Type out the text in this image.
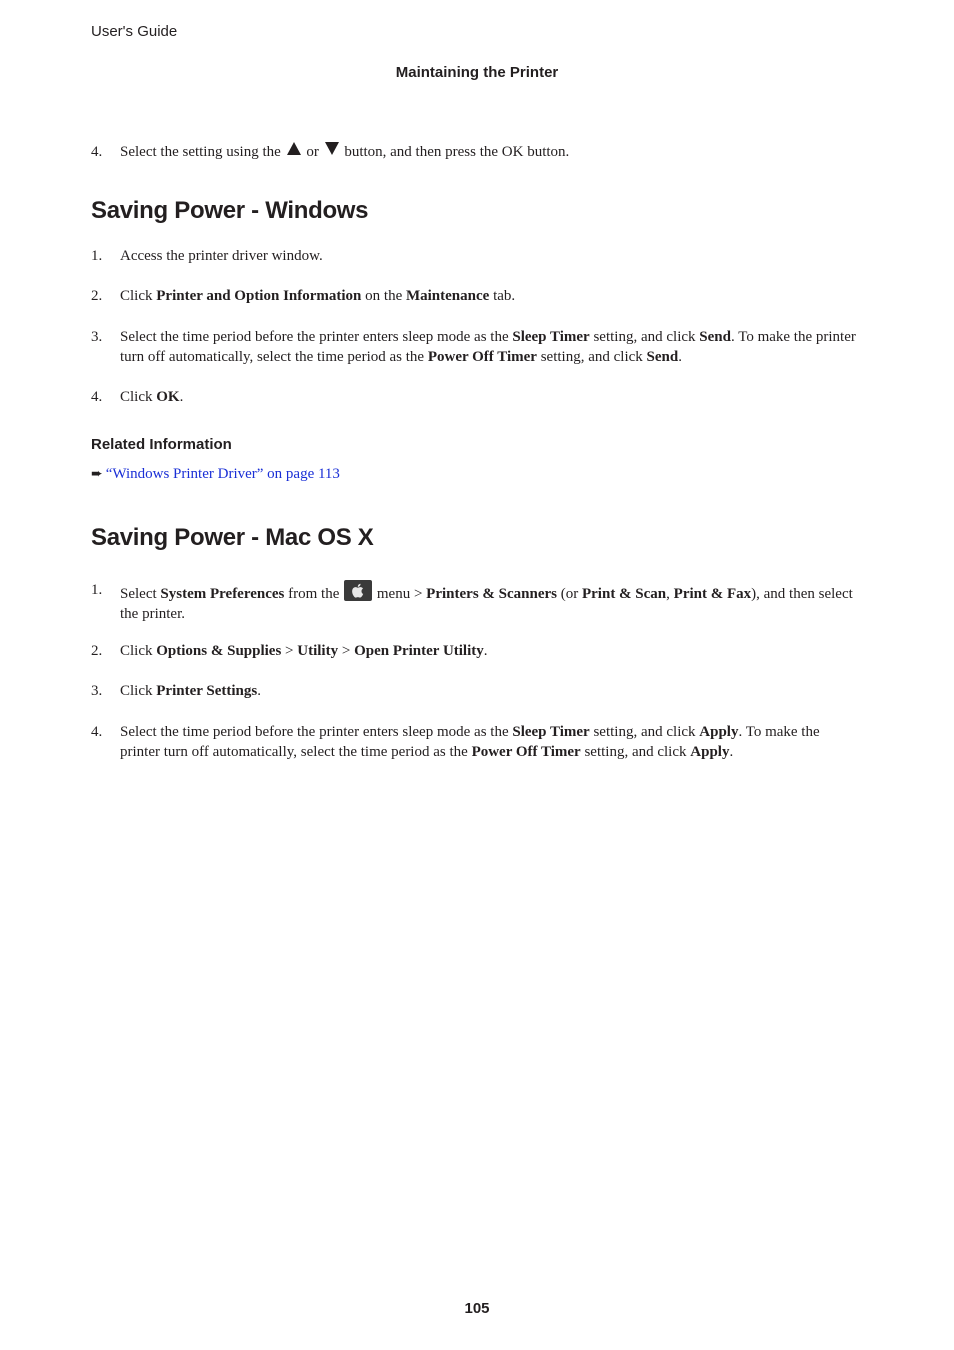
User's Guide
Maintaining the Printer
4.	Select the setting using the or button, and then press the OK button.
Saving Power - Windows
1.	Access the printer driver window.
2.	Click Printer and Option Information on the Maintenance tab.
3.	Select the time period before the printer enters sleep mode as the Sleep Timer setting, and click Send. To make the printer turn off automatically, select the time period as the Power Off Timer setting, and click Send.
4.	Click OK.
Related Information
➨ “Windows Printer Driver” on page 113
Saving Power - Mac OS X
1.	Select System Preferences from the
menu > Printers & Scanners (or Print & Scan, Print & Fax), and then select the printer.
2.	Click Options & Supplies > Utility > Open Printer Utility.
3.	Click Printer Settings.
4.	Select the time period before the printer enters sleep mode as the Sleep Timer setting, and click Apply. To make the printer turn off automatically, select the time period as the Power Off Timer setting, and click Apply.
105
